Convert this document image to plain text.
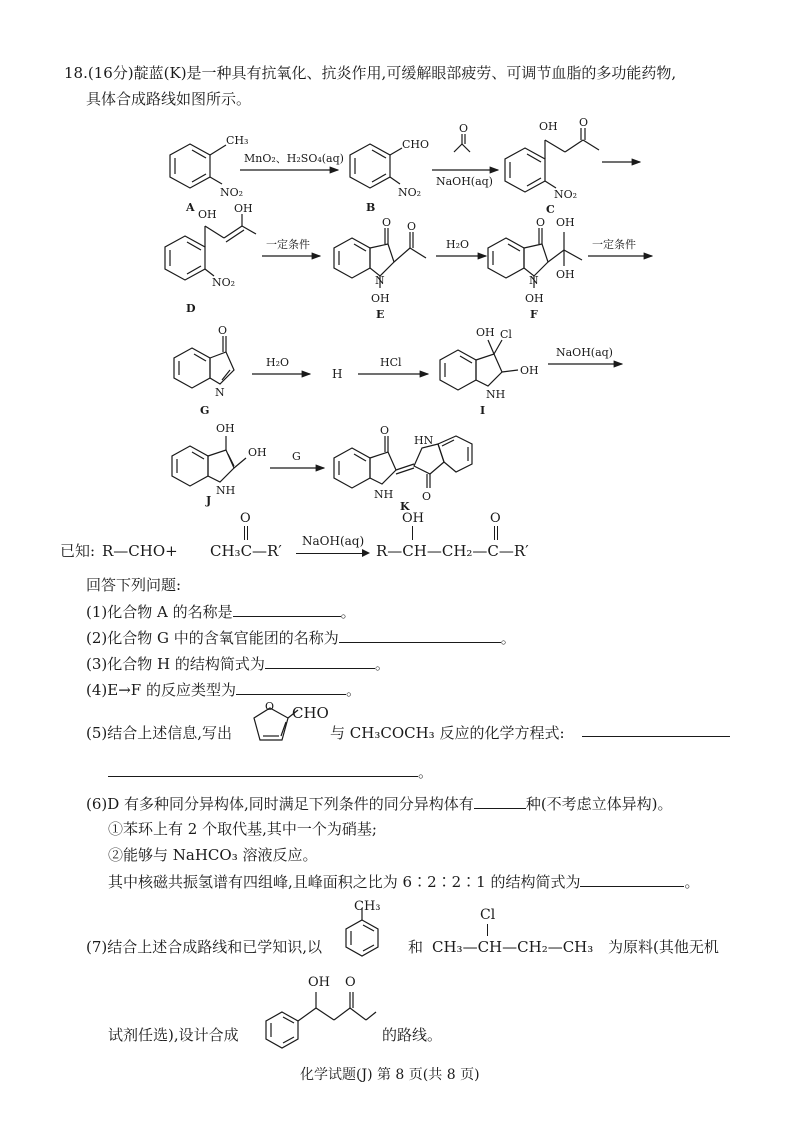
18.(16分)靛蓝(K)是一种具有抗氧化、抗炎作用,可缓解眼部疲劳、可调节血脂的多功能药物,
具体合成路线如图所示。
CH₃
NO₂
A
MnO₂、H₂SO₄(aq)
CHO
NO₂
B
O
NaOH(aq)
OH O
NO₂
C
OH OH
NO₂
D
一定条件
O O
N
OH
E
H₂O
O OH
OH
N
OH
F
一定条件
O
N
G
H₂O
H
HCl
OH Cl
OH
NH
I
NaOH(aq)
OH
OH
NH
J
G
O
O
NH
HN
K
O
已知: R—CHO+ CH₃C—R′
NaOH(aq)
OH	O
R—CH—CH₂—C—R′
回答下列问题:
(1)化合物 A 的名称是	。
(2)化合物 G 中的含氧官能团的名称为	。
(3)化合物 H 的结构简式为	。
(4)E→F 的反应类型为	。
(5)结合上述信息,写出
O CHO
与 CH₃COCH₃ 反应的化学方程式:
。
(6)D 有多种同分异构体,同时满足下列条件的同分异构体有	种(不考虑立体异构)。
①苯环上有 2 个取代基,其中一个为硝基;
②能够与 NaHCO₃ 溶液反应。
其中核磁共振氢谱有四组峰,且峰面积之比为 6∶2∶2∶1 的结构简式为	。
CH₃
(7)结合上述合成路线和已学知识,以	和
Cl
CH₃—CH—CH₂—CH₃ 为原料(其他无机
OH O
试剂任选),设计合成	的路线。
化学试题(J) 第 8 页(共 8 页)
